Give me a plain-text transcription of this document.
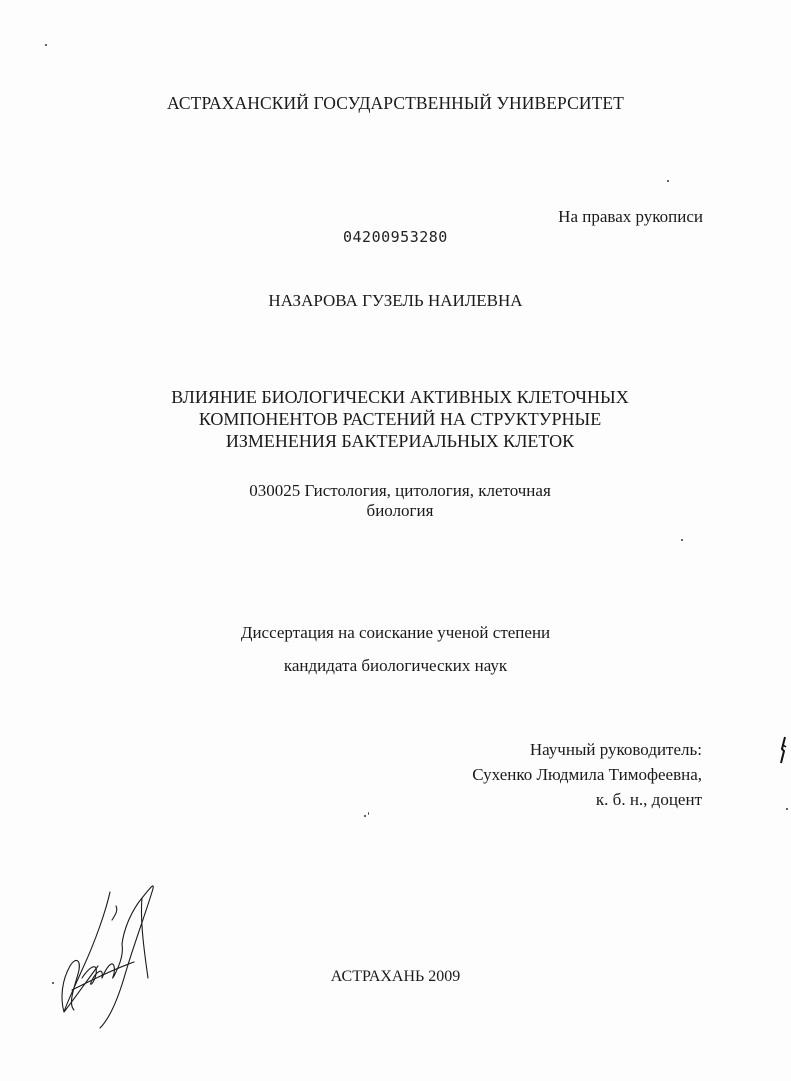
АСТРАХАНСКИЙ ГОСУДАРСТВЕННЫЙ УНИВЕРСИТЕТ
На правах рукописи
04200953280
НАЗАРОВА ГУЗЕЛЬ НАИЛЕВНА
ВЛИЯНИЕ БИОЛОГИЧЕСКИ АКТИВНЫХ КЛЕТОЧНЫХ
КОМПОНЕНТОВ РАСТЕНИЙ НА СТРУКТУРНЫЕ
ИЗМЕНЕНИЯ БАКТЕРИАЛЬНЫХ КЛЕТОК
030025 Гистология, цитология, клеточная
биология
Диссертация на соискание ученой степени
кандидата биологических наук
Научный руководитель:
Сухенко Людмила Тимофеевна,
к. б. н., доцент
АСТРАХАНЬ 2009
